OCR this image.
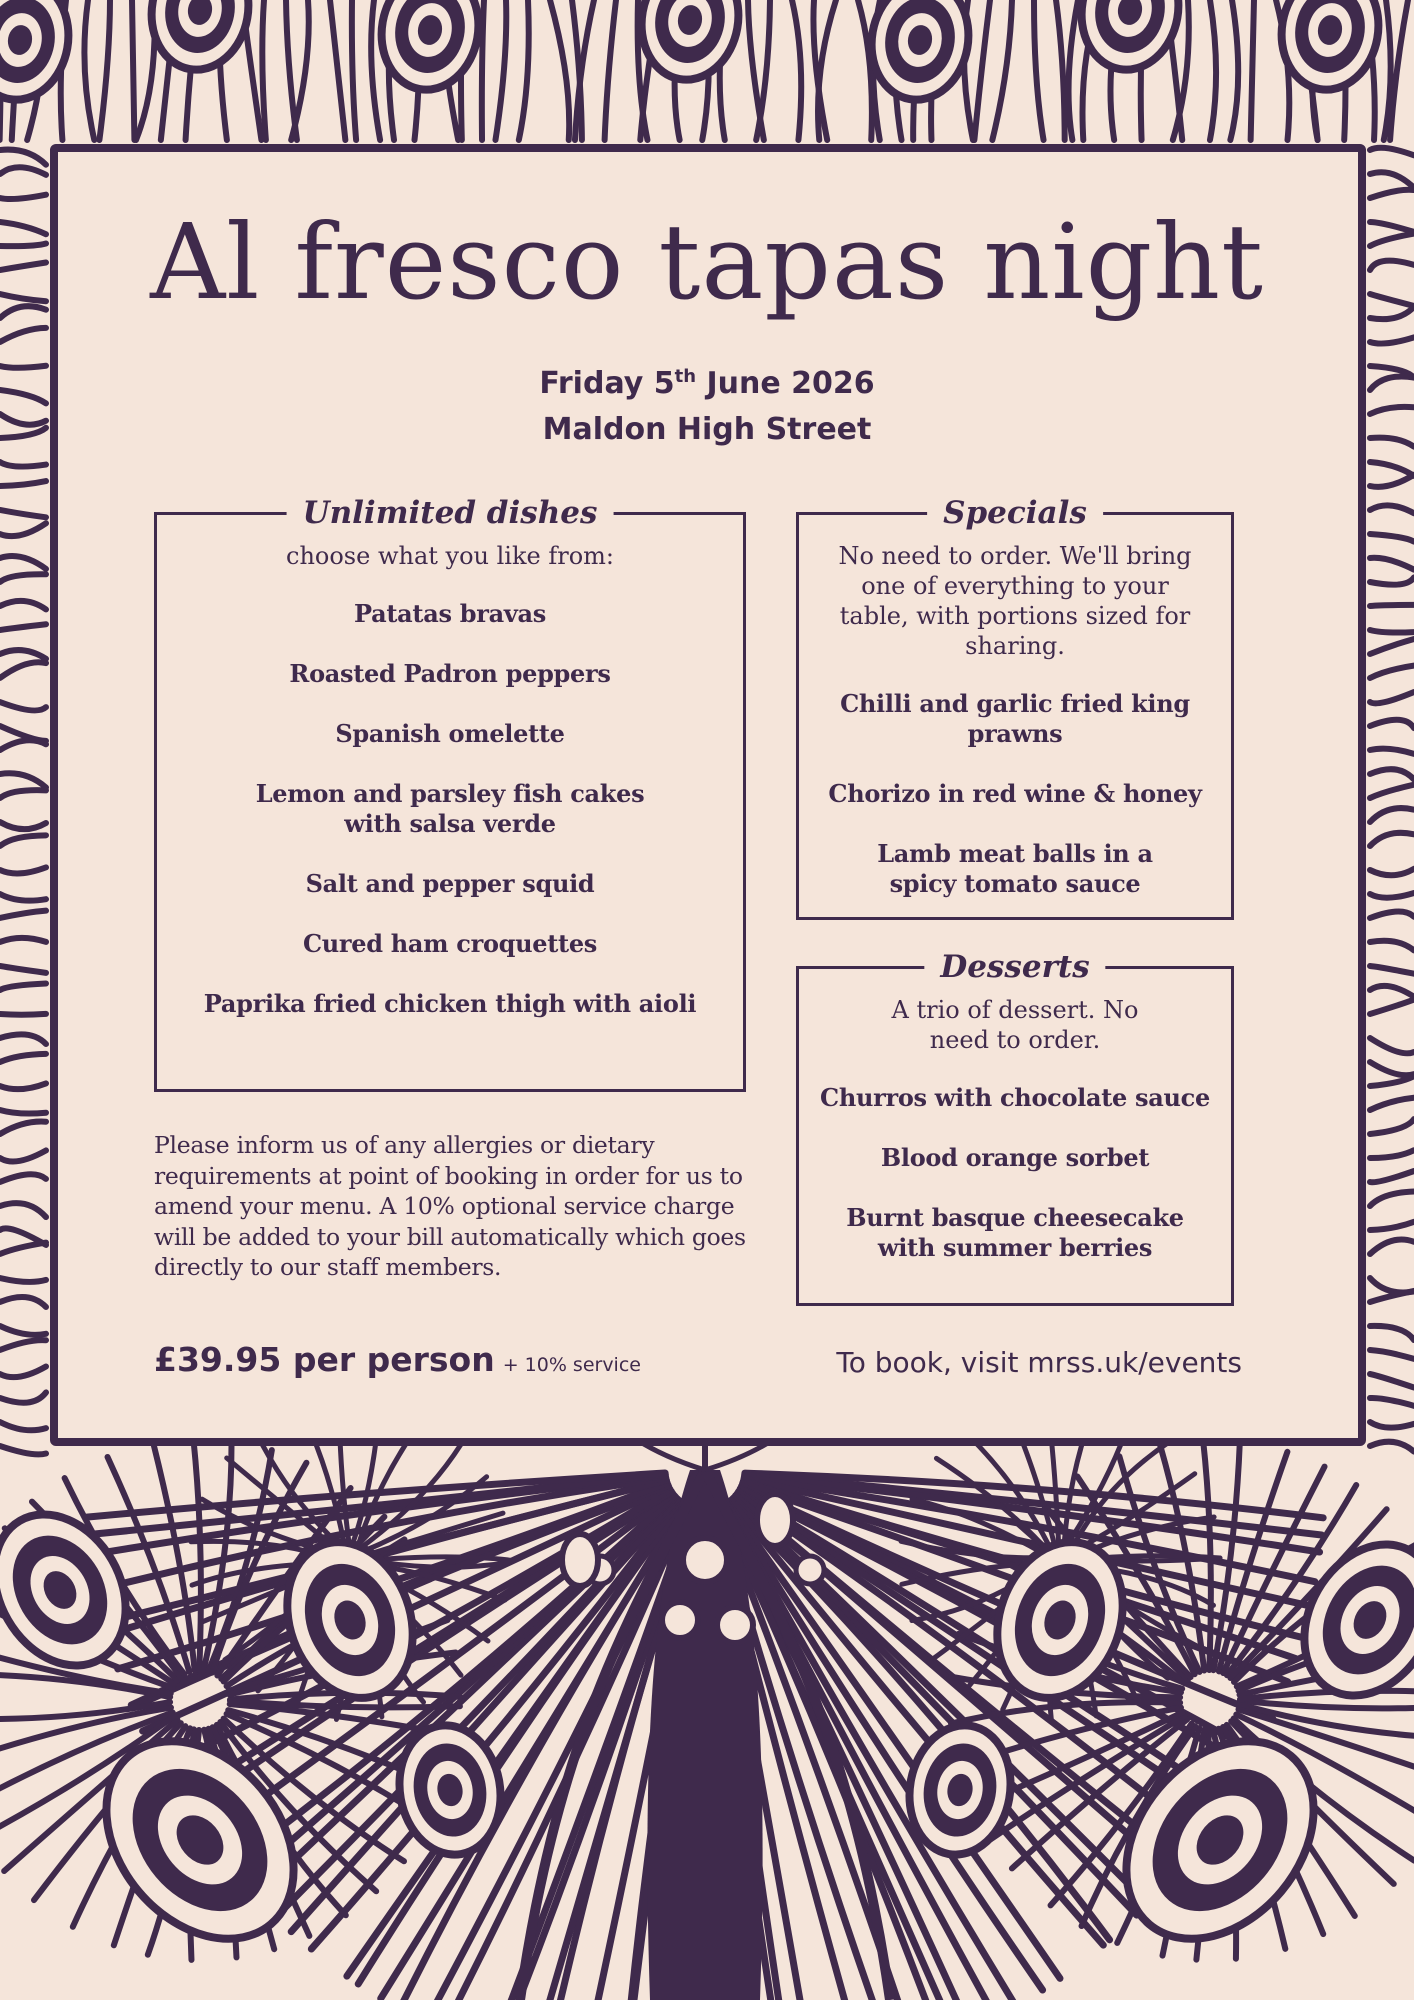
Al fresco tapas night
Friday 5th June 2026
Maldon High Street
Unlimited dishes
choose what you like from:
Patatas bravas
Roasted Padron peppers
Spanish omelette
Lemon and parsley fish cakes with salsa verde
Salt and pepper squid
Cured ham croquettes
Paprika fried chicken thigh with aioli
Specials
No need to order. We'll bring one of everything to your table, with portions sized for sharing.
Chilli and garlic fried king prawns
Chorizo in red wine & honey
Lamb meat balls in a spicy tomato sauce
Desserts
A trio of dessert. No need to order.
Churros with chocolate sauce
Blood orange sorbet
Burnt basque cheesecake with summer berries
Please inform us of any allergies or dietary requirements at point of booking in order for us to amend your menu. A 10% optional service charge will be added to your bill automatically which goes directly to our staff members.
£39.95 per person + 10% service	To book, visit mrss.uk/events
